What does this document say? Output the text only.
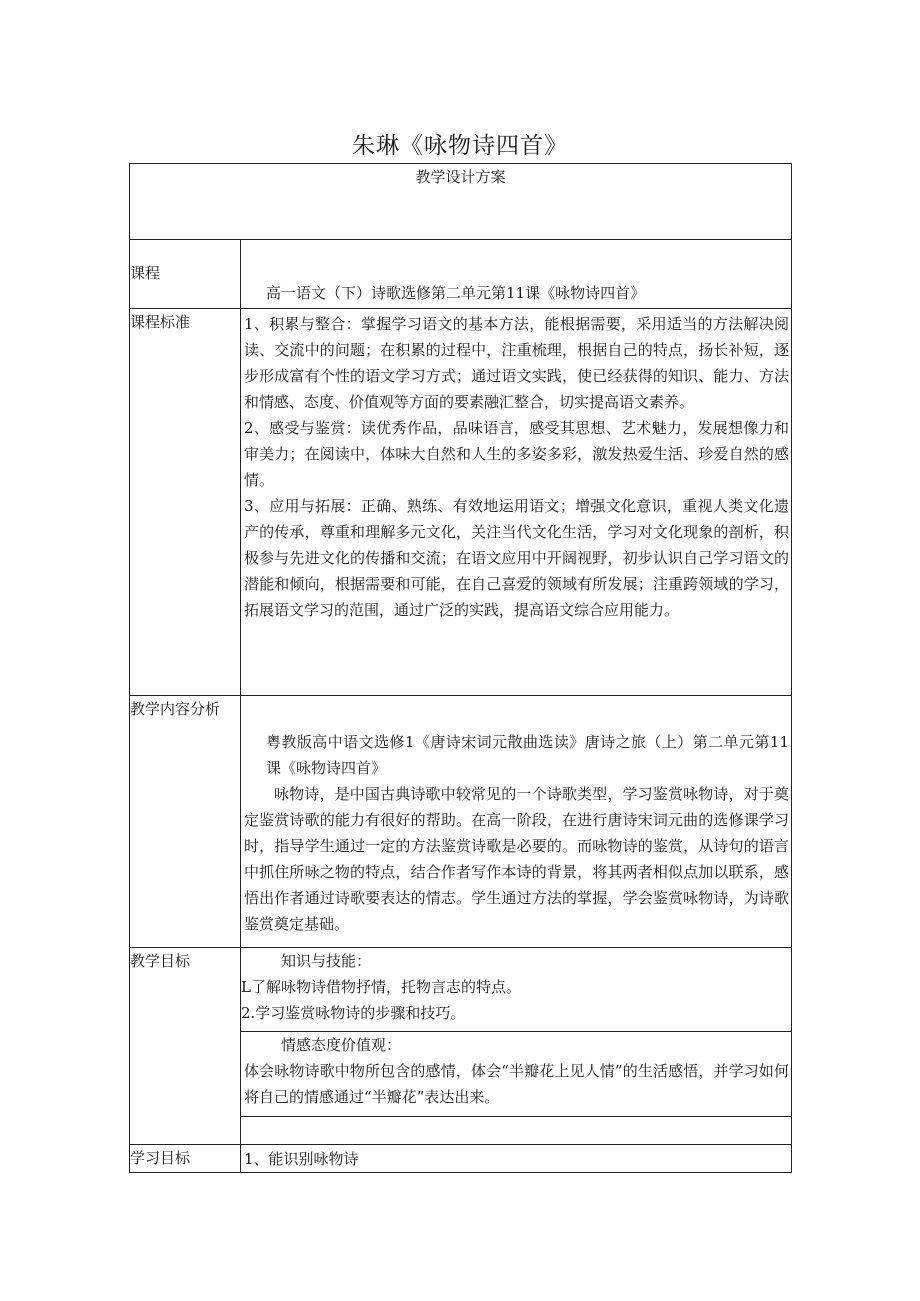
朱琳《咏物诗四首》
教学设计方案	
课程	高一语文（下）诗歌选修第二单元第11课《咏物诗四首》

课程标准	1、积累与整合：掌握学习语文的基本方法，能根据需要，采用适当的方法解决阅读、交流中的问题；在积累的过程中，注重梳理，根据自己的特点，扬长补短，逐步形成富有个性的语文学习方式；通过语文实践，使已经获得的知识、能力、方法和情感、态度、价值观等方面的要素融汇整合，切实提高语文素养。
2、感受与鉴赏：读优秀作品，品味语言，感受其思想、艺术魅力，发展想像力和审美力；在阅读中，体味大自然和人生的多姿多彩，激发热爱生活、珍爱自然的感情。
3、应用与拓展：正确、熟练、有效地运用语文；增强文化意识，重视人类文化遗产的传承，尊重和理解多元文化，关注当代文化生活，学习对文化现象的剖析，积极参与先进文化的传播和交流；在语文应用中开阔视野，初步认识自己学习语文的潜能和倾向，根据需要和可能，在自己喜爱的领域有所发展；注重跨领域的学习，拓展语文学习的范围，通过广泛的实践，提高语文综合应用能力。

教学内容分析	粤教版高中语文选修1《唐诗宋词元散曲选读》唐诗之旅（上）第二单元第11课《咏物诗四首》
咏物诗，是中国古典诗歌中较常见的一个诗歌类型，学习鉴赏咏物诗，对于奠定鉴赏诗歌的能力有很好的帮助。在高一阶段，在进行唐诗宋词元曲的选修课学习时，指导学生通过一定的方法鉴赏诗歌是必要的。而咏物诗的鉴赏，从诗句的语言中抓住所咏之物的特点，结合作者写作本诗的背景，将其两者相似点加以联系，感悟出作者通过诗歌要表达的情志。学生通过方法的掌握，学会鉴赏咏物诗，为诗歌鉴赏奠定基础。

教学目标	知识与技能：
L了解咏物诗借物抒情，托物言志的特点。
2.学习鉴赏咏物诗的步骤和技巧。
情感态度价值观：
体会咏物诗歌中物所包含的感情，体会“半瓣花上见人情”的生活感悟，并学习如何将自己的情感通过“半瓣花”表达出来。

学习目标	1、能识别咏物诗
